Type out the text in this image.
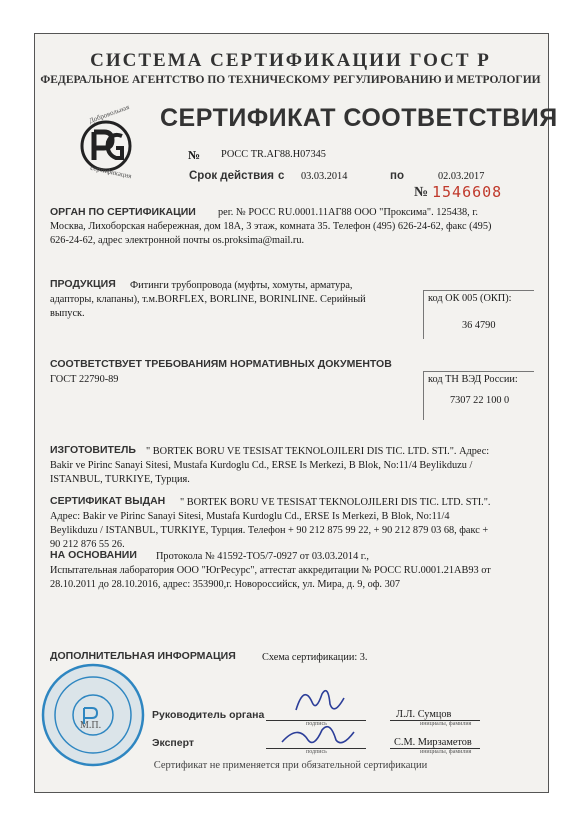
СИСТЕМА СЕРТИФИКАЦИИ ГОСТ Р
ФЕДЕРАЛЬНОЕ АГЕНТСТВО ПО ТЕХНИЧЕСКОМУ РЕГУЛИРОВАНИЮ И МЕТРОЛОГИИ
Добровольная
сертификация
СЕРТИФИКАТ СООТВЕТСТВИЯ
№ РОСС TR.АГ88.Н07345
Срок действия с 03.03.2014	по	02.03.2017
№ 1546608
ОРГАН ПО СЕРТИФИКАЦИИ рег. № РОСС RU.0001.11АГ88 ООО "Проксима". 125438, г.
Москва, Лихоборская набережная, дом 18А, 3 этаж, комната 35. Телефон (495) 626-24-62, факс (495)
626-24-62, адрес электронной почты os.proksima@mail.ru.
ПРОДУКЦИЯ Фитинги трубопровода (муфты, хомуты, арматура,
адапторы, клапаны), т.м.BORFLEX, BORLINE, BORINLINE. Серийный
выпуск.
код ОК 005 (ОКП):
36 4790
СООТВЕТСТВУЕТ ТРЕБОВАНИЯМ НОРМАТИВНЫХ ДОКУМЕНТОВ
ГОСТ 22790-89	код ТН ВЭД России:
7307 22 100 0
ИЗГОТОВИТЕЛЬ " BORTEK BORU VE TESISAT TEKNOLOJILERI DIS TIC. LTD. STI.". Адрес:
Bakir ve Pirinc Sanayi Sitesi, Mustafa Kurdoglu Cd., ERSE Is Merkezi, B Blok, No:11/4 Beylikduzu /
ISTANBUL, TURKIYE, Турция.
СЕРТИФИКАТ ВЫДАН " BORTEK BORU VE TESISAT TEKNOLOJILERI DIS TIC. LTD. STI.".
Адрес: Bakir ve Pirinc Sanayi Sitesi, Mustafa Kurdoglu Cd., ERSE Is Merkezi, B Blok, No:11/4
Beylikduzu / ISTANBUL, TURKIYE, Турция. Телефон + 90 212 875 99 22, + 90 212 879 03 68, факс +
90 212 876 55 26.
НА ОСНОВАНИИ Протокола № 41592-ТО5/7-0927 от 03.03.2014 г.,
Испытательная лаборатория ООО "ЮгРесурс", аттестат аккредитации № РОСС RU.0001.21АВ93 от
28.10.2011 до 28.10.2016, адрес: 353900,г. Новороссийск, ул. Мира, д. 9, оф. 307
ДОПОЛНИТЕЛЬНАЯ ИНФОРМАЦИЯ	Схема сертификации: 3.
М.П.
Руководитель органа
подпись
Л.Л. Сумцов
инициалы, фамилия
Эксперт
подпись
С.М. Мирзаметов
инициалы, фамилия
Сертификат не применяется при обязательной сертификации
